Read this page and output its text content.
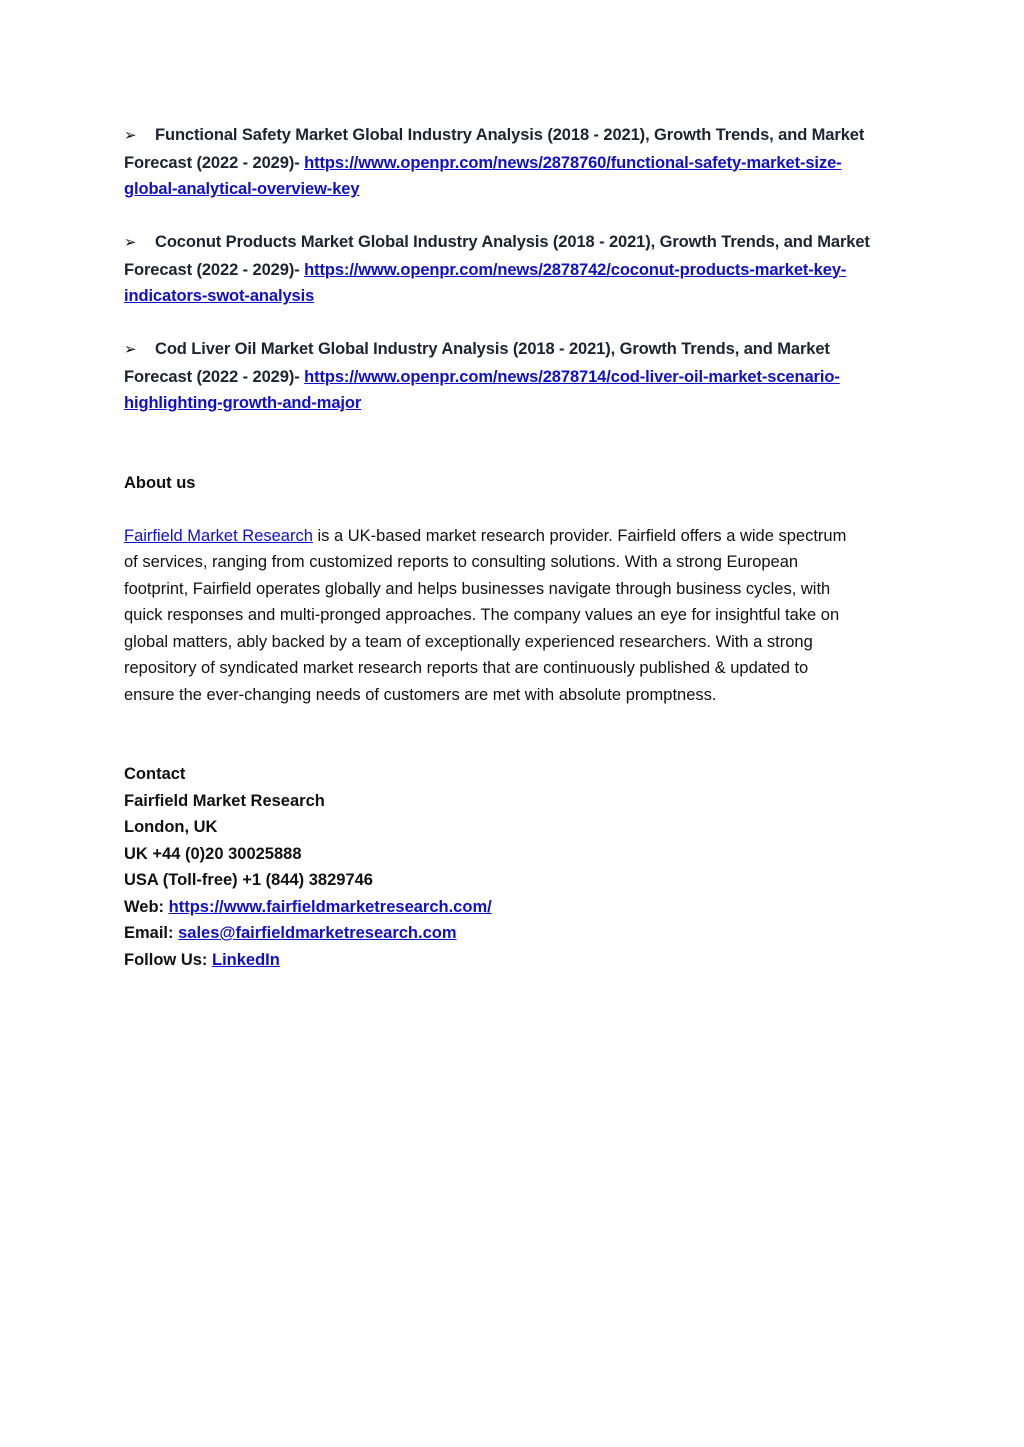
➢ Functional Safety Market Global Industry Analysis (2018 - 2021), Growth Trends, and Market
Forecast (2022 - 2029)- https://www.openpr.com/news/2878760/functional-safety-market-size-
global-analytical-overview-key
➢ Coconut Products Market Global Industry Analysis (2018 - 2021), Growth Trends, and Market
Forecast (2022 - 2029)- https://www.openpr.com/news/2878742/coconut-products-market-key-
indicators-swot-analysis
➢ Cod Liver Oil Market Global Industry Analysis (2018 - 2021), Growth Trends, and Market
Forecast (2022 - 2029)- https://www.openpr.com/news/2878714/cod-liver-oil-market-scenario-
highlighting-growth-and-major
About us
Fairfield Market Research is a UK-based market research provider. Fairfield offers a wide spectrum
of services, ranging from customized reports to consulting solutions. With a strong European
footprint, Fairfield operates globally and helps businesses navigate through business cycles, with
quick responses and multi-pronged approaches. The company values an eye for insightful take on
global matters, ably backed by a team of exceptionally experienced researchers. With a strong
repository of syndicated market research reports that are continuously published & updated to
ensure the ever-changing needs of customers are met with absolute promptness.
Contact
Fairfield Market Research
London, UK
UK +44 (0)20 30025888
USA (Toll-free) +1 (844) 3829746
Web: https://www.fairfieldmarketresearch.com/
Email: sales@fairfieldmarketresearch.com
Follow Us: LinkedIn
